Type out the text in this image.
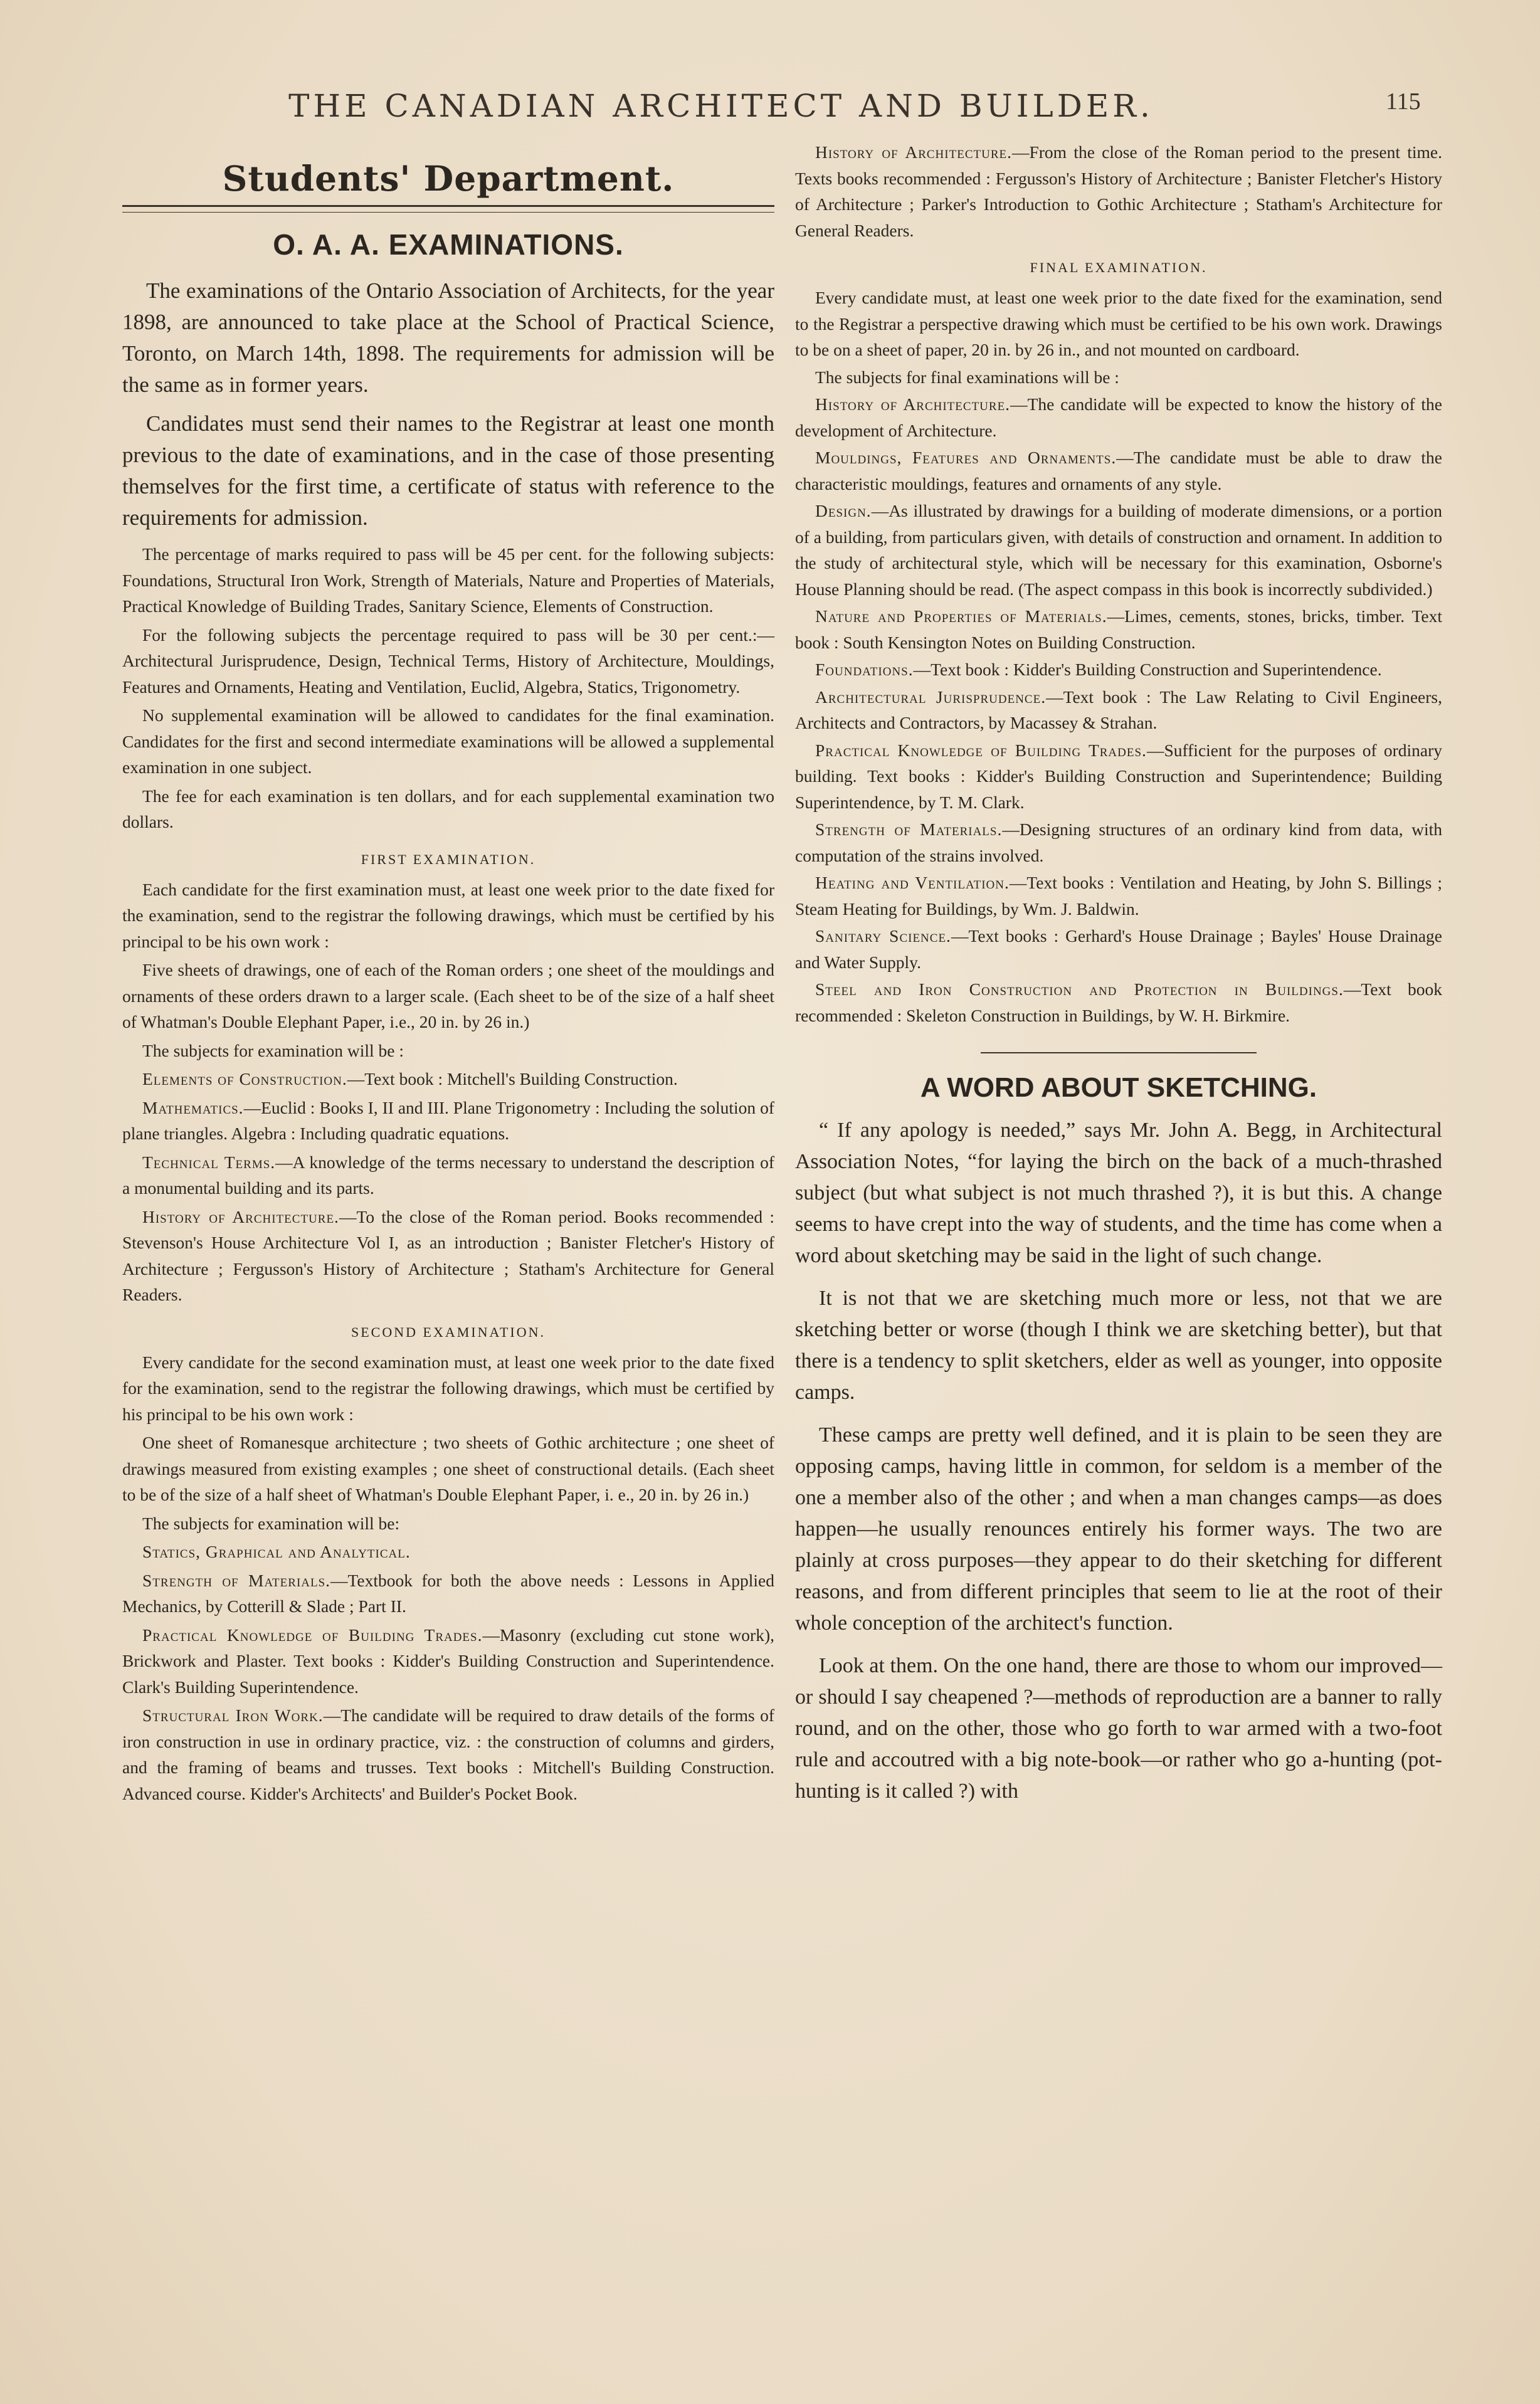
THE CANADIAN ARCHITECT AND BUILDER.	115
Students' Department.
O. A. A. EXAMINATIONS.

The examinations of the Ontario Association of Architects, for the year 1898, are announced to take place at the School of Practical Science, Toronto, on March 14th, 1898. The requirements for admission will be the same as in former years.

Candidates must send their names to the Registrar at least one month previous to the date of examinations, and in the case of those presenting themselves for the first time, a certificate of status with reference to the requirements for admission.

The percentage of marks required to pass will be 45 per cent. for the following subjects: Foundations, Structural Iron Work, Strength of Materials, Nature and Properties of Materials, Practical Knowledge of Building Trades, Sanitary Science, Elements of Construction.

For the following subjects the percentage required to pass will be 30 per cent.:—Architectural Jurisprudence, Design, Technical Terms, History of Architecture, Mouldings, Features and Ornaments, Heating and Ventilation, Euclid, Algebra, Statics, Trigonometry.

No supplemental examination will be allowed to candidates for the final examination. Candidates for the first and second intermediate examinations will be allowed a supplemental examination in one subject.

The fee for each examination is ten dollars, and for each supplemental examination two dollars.

FIRST EXAMINATION.

Each candidate for the first examination must, at least one week prior to the date fixed for the examination, send to the registrar the following drawings, which must be certified by his principal to be his own work :

Five sheets of drawings, one of each of the Roman orders ; one sheet of the mouldings and ornaments of these orders drawn to a larger scale. (Each sheet to be of the size of a half sheet of Whatman's Double Elephant Paper, i.e., 20 in. by 26 in.)

The subjects for examination will be :

Elements of Construction.—Text book : Mitchell's Building Construction.

Mathematics.—Euclid : Books I, II and III. Plane Trigonometry : Including the solution of plane triangles. Algebra : Including quadratic equations.

Technical Terms.—A knowledge of the terms necessary to understand the description of a monumental building and its parts.

History of Architecture.—To the close of the Roman period. Books recommended : Stevenson's House Architecture Vol I, as an introduction ; Banister Fletcher's History of Architecture ; Fergusson's History of Architecture ; Statham's Architecture for General Readers.

SECOND EXAMINATION.

Every candidate for the second examination must, at least one week prior to the date fixed for the examination, send to the registrar the following drawings, which must be certified by his principal to be his own work :

One sheet of Romanesque architecture ; two sheets of Gothic architecture ; one sheet of drawings measured from existing examples ; one sheet of constructional details. (Each sheet to be of the size of a half sheet of Whatman's Double Elephant Paper, i. e., 20 in. by 26 in.)

The subjects for examination will be:

Statics, Graphical and Analytical.

Strength of Materials.—Textbook for both the above needs : Lessons in Applied Mechanics, by Cotterill & Slade ; Part II.

Practical Knowledge of Building Trades.—Masonry (excluding cut stone work), Brickwork and Plaster. Text books : Kidder's Building Construction and Superintendence. Clark's Building Superintendence.

Structural Iron Work.—The candidate will be required to draw details of the forms of iron construction in use in ordinary practice, viz. : the construction of columns and girders, and the framing of beams and trusses. Text books : Mitchell's Building Construction. Advanced course. Kidder's Architects' and Builder's Pocket Book.

History of Architecture.—From the close of the Roman period to the present time. Texts books recommended : Fergusson's History of Architecture ; Banister Fletcher's History of Architecture ; Parker's Introduction to Gothic Architecture ; Statham's Architecture for General Readers.

FINAL EXAMINATION.

Every candidate must, at least one week prior to the date fixed for the examination, send to the Registrar a perspective drawing which must be certified to be his own work. Drawings to be on a sheet of paper, 20 in. by 26 in., and not mounted on cardboard.

The subjects for final examinations will be :

History of Architecture.—The candidate will be expected to know the history of the development of Architecture.

Mouldings, Features and Ornaments.—The candidate must be able to draw the characteristic mouldings, features and ornaments of any style.

Design.—As illustrated by drawings for a building of moderate dimensions, or a portion of a building, from particulars given, with details of construction and ornament. In addition to the study of architectural style, which will be necessary for this examination, Osborne's House Planning should be read. (The aspect compass in this book is incorrectly subdivided.)

Nature and Properties of Materials.—Limes, cements, stones, bricks, timber. Text book : South Kensington Notes on Building Construction.

Foundations.—Text book : Kidder's Building Construction and Superintendence.

Architectural Jurisprudence.—Text book : The Law Relating to Civil Engineers, Architects and Contractors, by Macassey & Strahan.

Practical Knowledge of Building Trades.—Sufficient for the purposes of ordinary building. Text books : Kidder's Building Construction and Superintendence; Building Superintendence, by T. M. Clark.

Strength of Materials.—Designing structures of an ordinary kind from data, with computation of the strains involved.

Heating and Ventilation.—Text books : Ventilation and Heating, by John S. Billings ; Steam Heating for Buildings, by Wm. J. Baldwin.

Sanitary Science.—Text books : Gerhard's House Drainage ; Bayles' House Drainage and Water Supply.

Steel and Iron Construction and Protection in Buildings.—Text book recommended : Skeleton Construction in Buildings, by W. H. Birkmire.

A WORD ABOUT SKETCHING.

“ If any apology is needed,” says Mr. John A. Begg, in Architectural Association Notes, “for laying the birch on the back of a much-thrashed subject (but what subject is not much thrashed ?), it is but this. A change seems to have crept into the way of students, and the time has come when a word about sketching may be said in the light of such change.

It is not that we are sketching much more or less, not that we are sketching better or worse (though I think we are sketching better), but that there is a tendency to split sketchers, elder as well as younger, into opposite camps.

These camps are pretty well defined, and it is plain to be seen they are opposing camps, having little in common, for seldom is a member of the one a member also of the other ; and when a man changes camps—as does happen—he usually renounces entirely his former ways. The two are plainly at cross purposes—they appear to do their sketching for different reasons, and from different principles that seem to lie at the root of their whole conception of the architect's function.

Look at them. On the one hand, there are those to whom our improved—or should I say cheapened ?—methods of reproduction are a banner to rally round, and on the other, those who go forth to war armed with a two-foot rule and accoutred with a big note-book—or rather who go a-hunting (pot-hunting is it called ?) with
